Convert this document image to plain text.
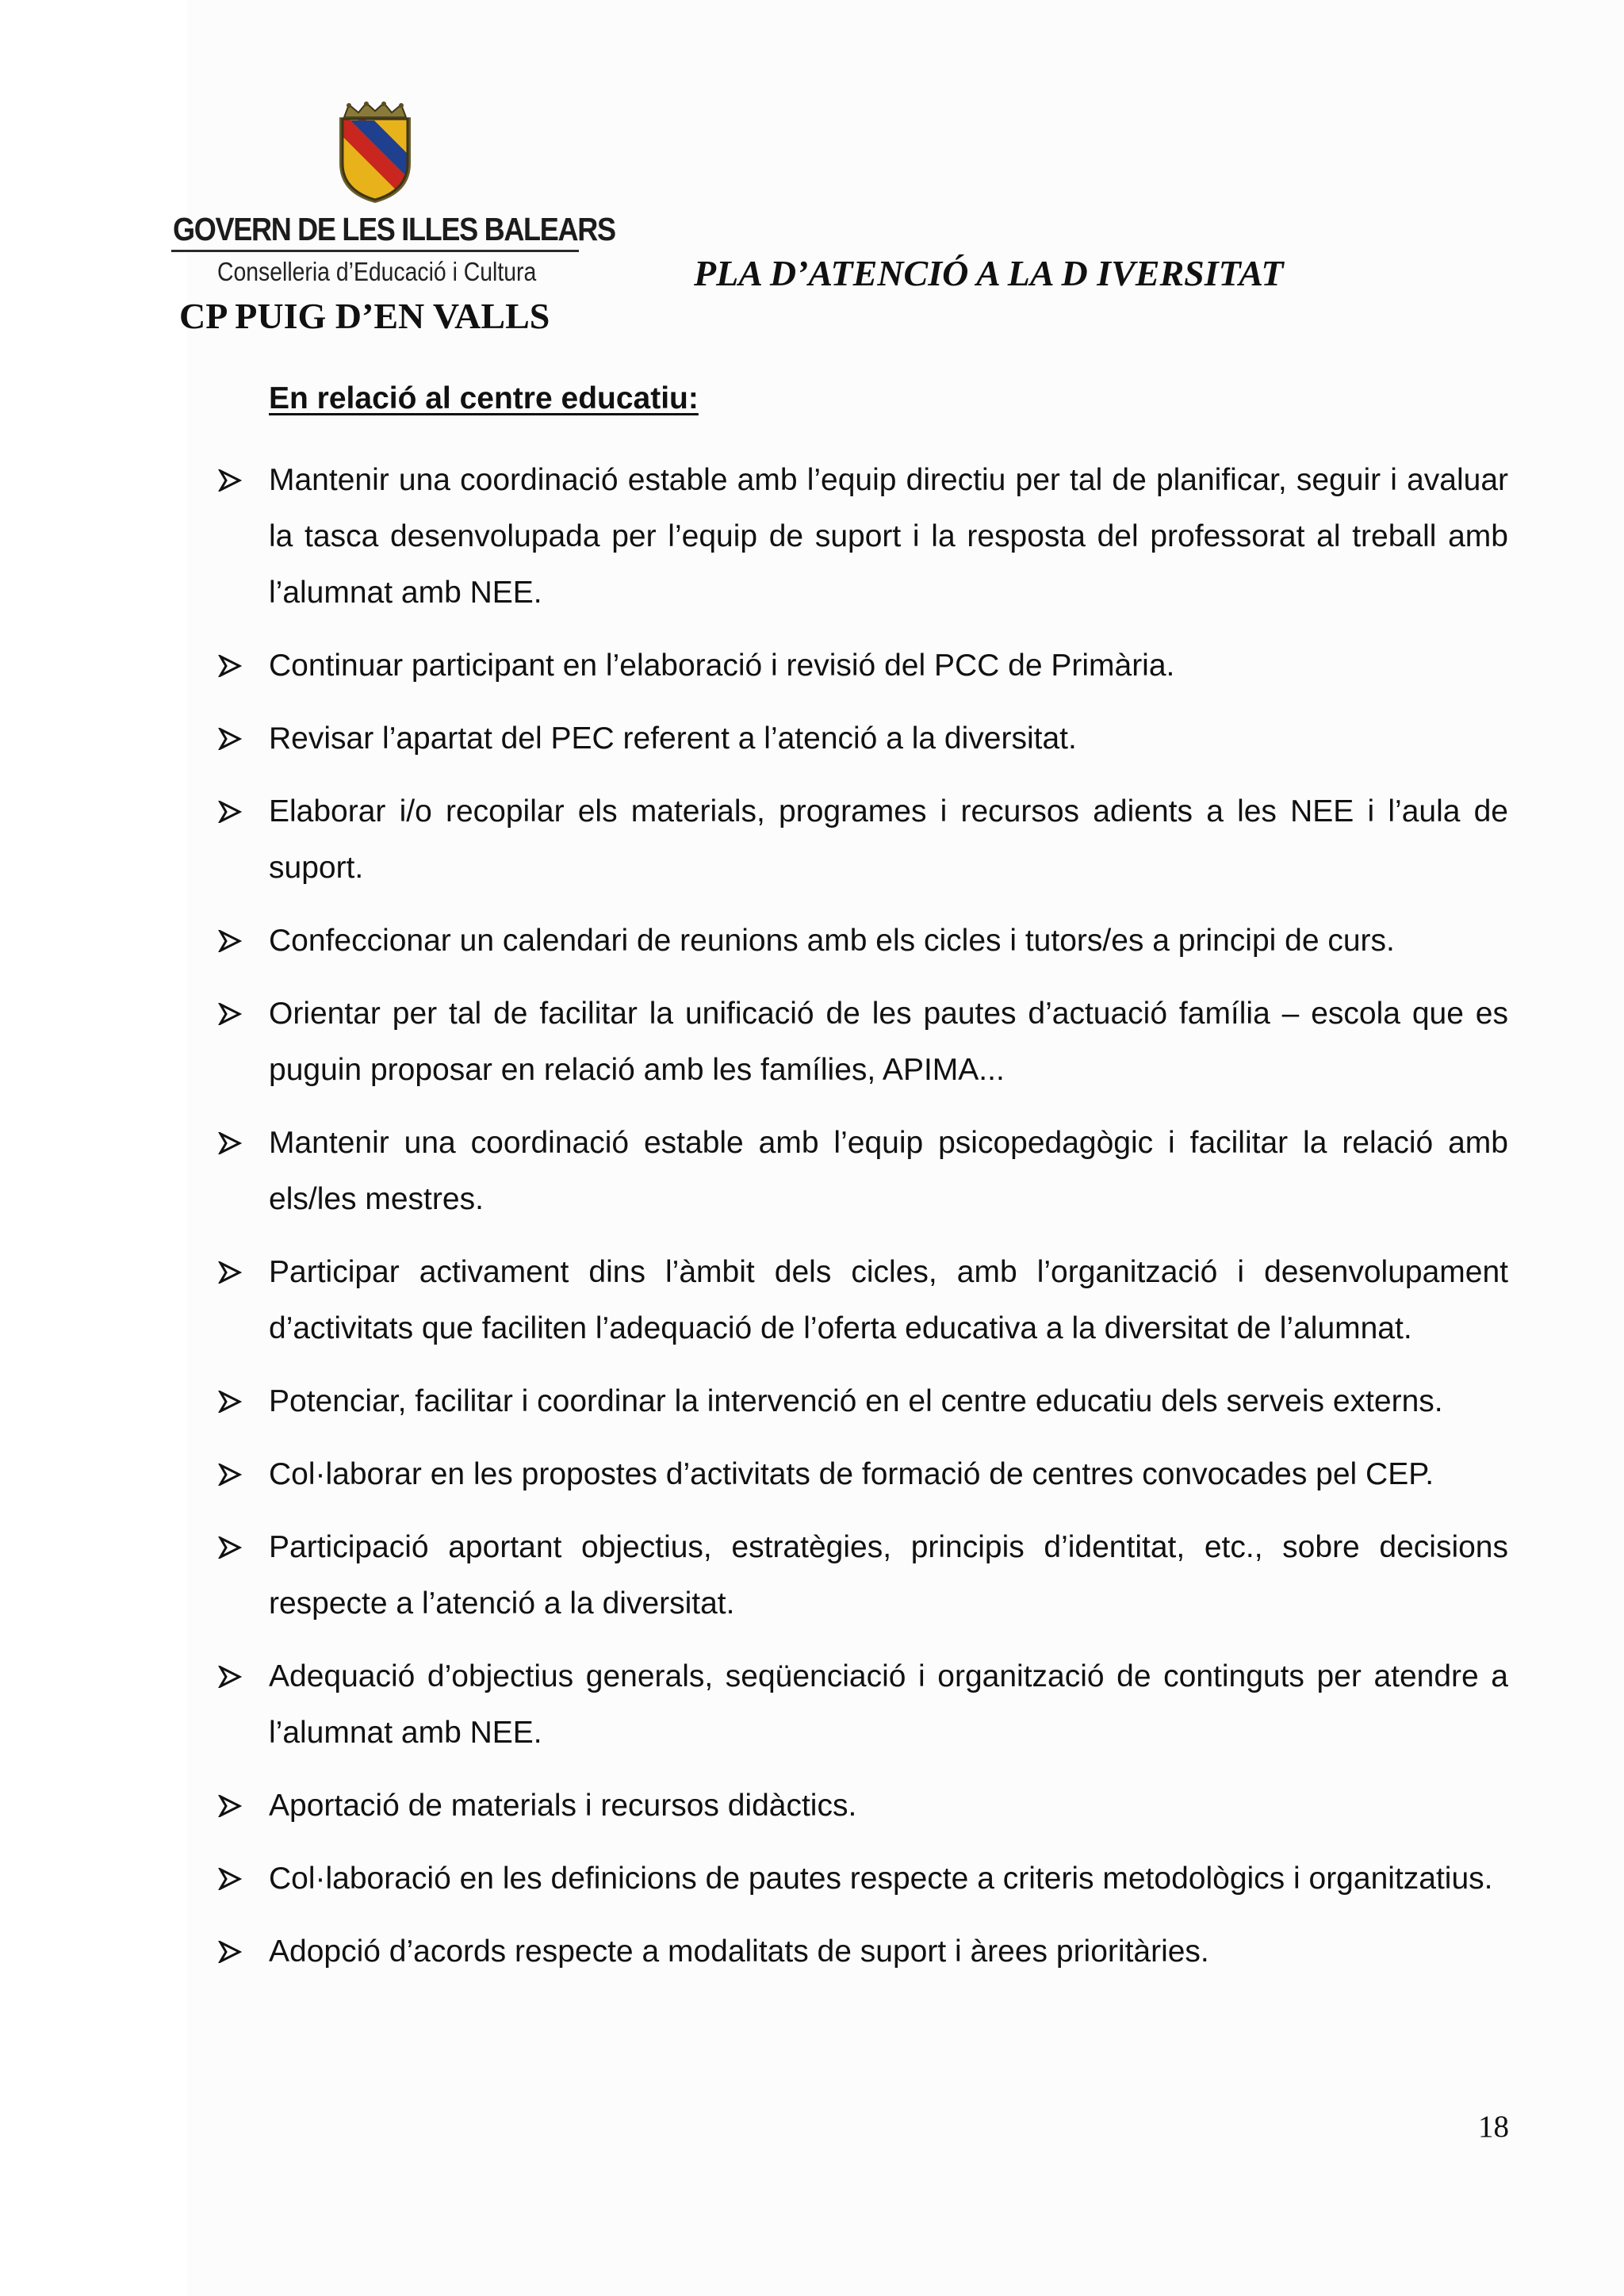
GOVERN DE LES ILLES BALEARS
Conselleria d’Educació i Cultura
CP PUIG D’EN VALLS
PLA D’ATENCIÓ A LA D IVERSITAT
En relació al centre educatiu:
Mantenir una coordinació estable amb l’equip directiu per tal de planificar, seguir i avaluar la tasca desenvolupada per l’equip de suport i la resposta del professorat al treball amb l’alumnat amb NEE.
Continuar participant en l’elaboració i revisió del PCC de Primària.
Revisar l’apartat del PEC referent a l’atenció a la diversitat.
Elaborar i/o recopilar els materials, programes i recursos adients a les NEE i l’aula de suport.
Confeccionar un calendari de reunions amb els cicles i tutors/es a principi de curs.
Orientar per tal de facilitar la unificació de les pautes d’actuació família – escola que es puguin proposar en relació amb les famílies, APIMA...
Mantenir una coordinació estable amb l’equip psicopedagògic i facilitar la relació amb els/les mestres.
Participar activament dins l’àmbit dels cicles, amb l’organització i desenvolupament d’activitats que faciliten l’adequació de l’oferta educativa a la diversitat de l’alumnat.
Potenciar, facilitar i coordinar la intervenció en el centre educatiu dels serveis externs.
Col·laborar en les propostes d’activitats de formació de centres convocades pel CEP.
Participació aportant objectius, estratègies, principis d’identitat, etc., sobre decisions respecte a l’atenció a la diversitat.
Adequació d’objectius generals, seqüenciació i organització de continguts per atendre a l’alumnat amb NEE.
Aportació de materials i recursos didàctics.
Col·laboració en les definicions de pautes respecte a criteris metodològics i organitzatius.
Adopció d’acords respecte a modalitats de suport i àrees prioritàries.
18
